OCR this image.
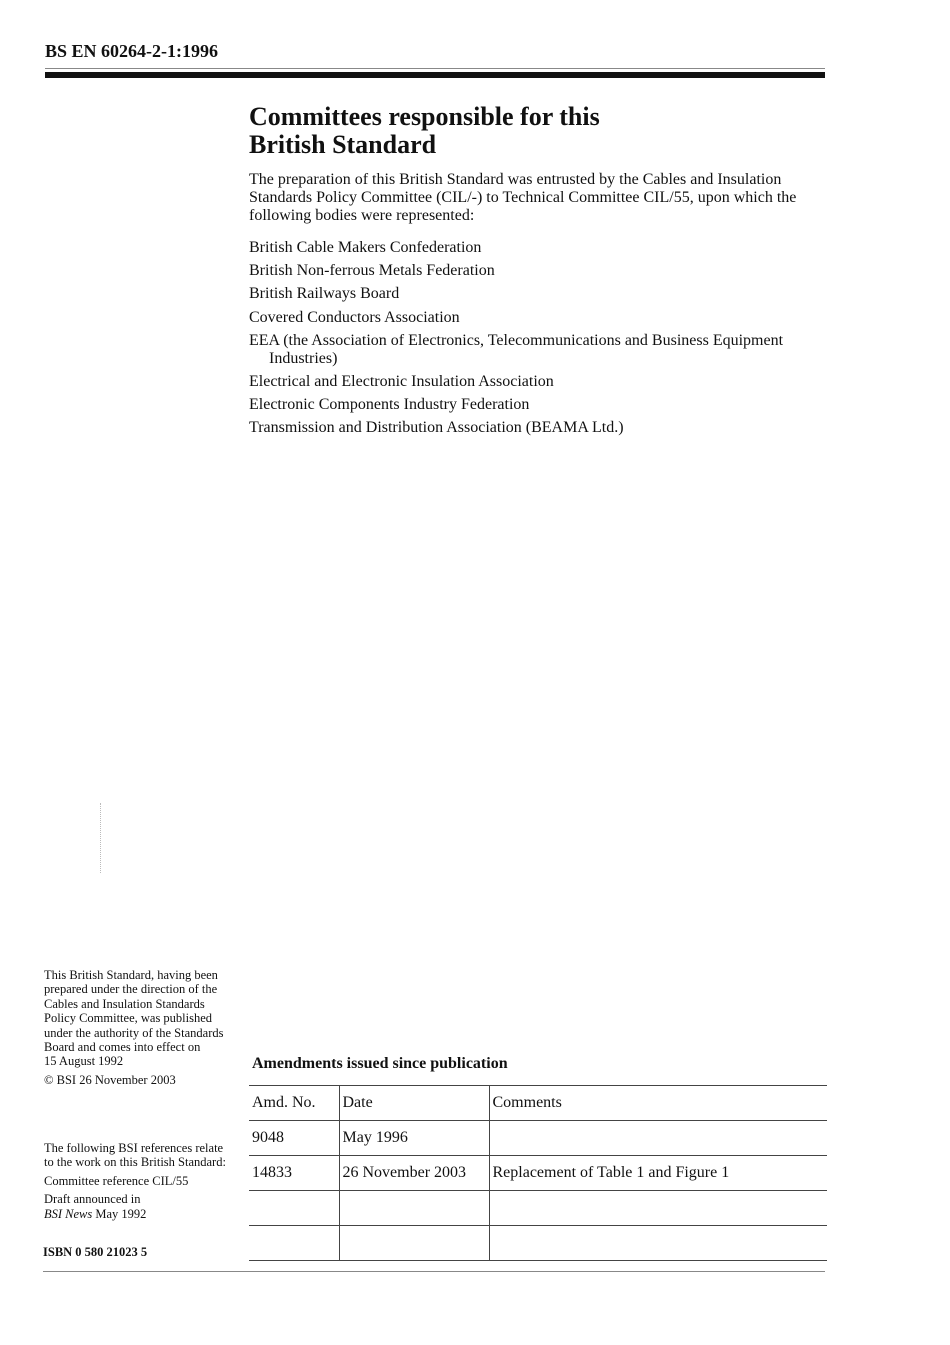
BS EN 60264-2-1:1996
Committees responsible for this
British Standard

The preparation of this British Standard was entrusted by the Cables and Insulation Standards Policy Committee (CIL/-) to Technical Committee CIL/55, upon which the following bodies were represented:

British Cable Makers Confederation
British Non-ferrous Metals Federation
British Railways Board
Covered Conductors Association
EEA (the Association of Electronics, Telecommunications and Business Equipment Industries)
Electrical and Electronic Insulation Association
Electronic Components Industry Federation
Transmission and Distribution Association (BEAMA Ltd.)

This British Standard, having been prepared under the direction of the Cables and Insulation Standards Policy Committee, was published under the authority of the Standards Board and comes into effect on

15 August 1992

© BSI 26 November 2003

The following BSI references relate to the work on this British Standard:

Committee reference CIL/55

Draft announced in

BSI News May 1992

ISBN 0 580 21023 5
Amendments issued since publication
Amd. No.	Date	Comments
9048	May 1996	
14833	26 November 2003	Replacement of Table 1 and Figure 1
